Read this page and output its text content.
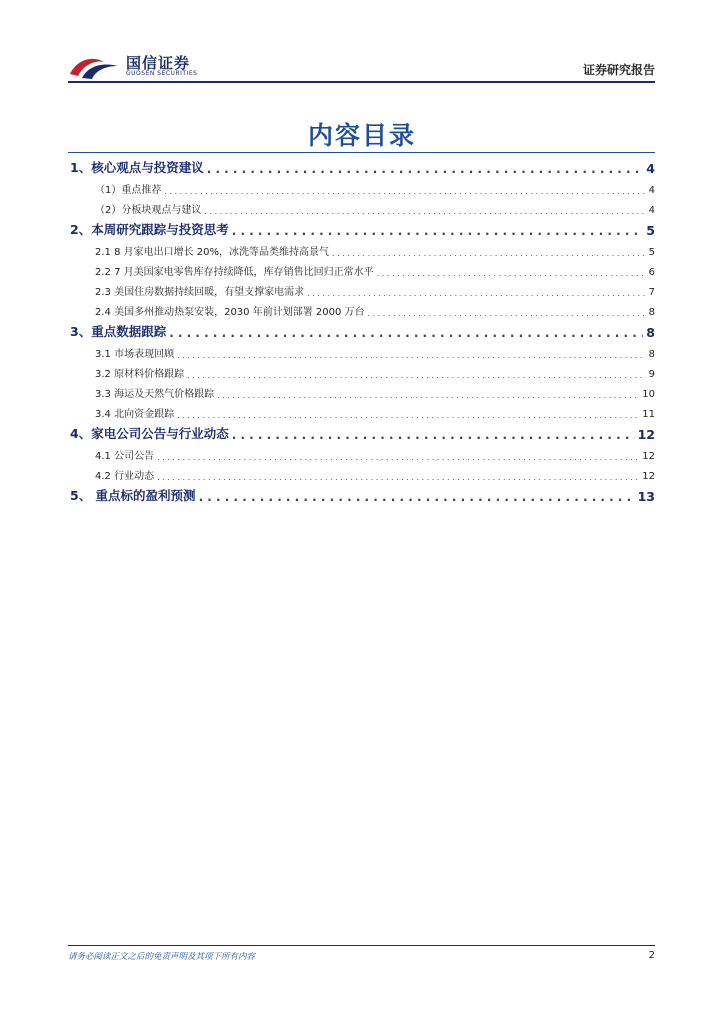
国信证券
GUOSEN SECURITIES	证券研究报告
内容目录
1、核心观点与投资建议 . . .	4
（1）重点推荐 . . .	4
（2）分板块观点与建议 . . .	4
2、本周研究跟踪与投资思考 . . .	5
2.1 8 月家电出口增长 20%，冰洗等品类维持高景气 . . .	5
2.2 7 月美国家电零售库存持续降低，库存销售比回归正常水平 . . .	6
2.3 美国住房数据持续回暖，有望支撑家电需求 . . .	7
2.4 美国多州推动热泵安装，2030 年前计划部署 2000 万台 . . .	8
3、重点数据跟踪 . . .	8
3.1 市场表现回顾 . . .	8
3.2 原材料价格跟踪 . . .	9
3.3 海运及天然气价格跟踪 . . .	10
3.4 北向资金跟踪 . . .	11
4、家电公司公告与行业动态 . . .	12
4.1 公司公告 . . .	12
4.2 行业动态 . . .	12
5、 重点标的盈利预测 . . .	13
请务必阅读正文之后的免责声明及其项下所有内容	2
